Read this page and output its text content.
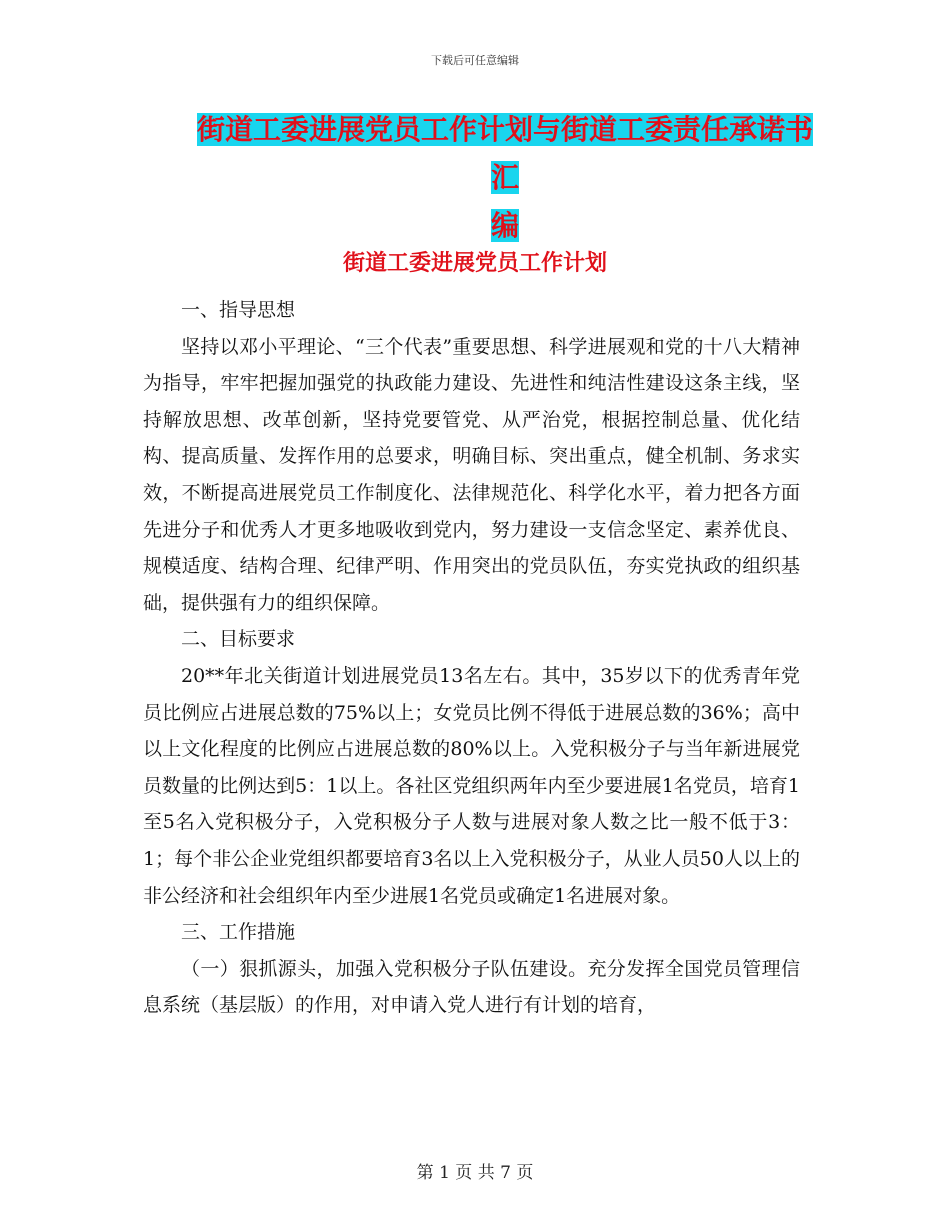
下载后可任意编辑
街道工委进展党员工作计划与街道工委责任承诺书汇
编
街道工委进展党员工作计划

一、指导思想

坚持以邓小平理论、“三个代表”重要思想、科学进展观和党的十八大精神为指导，牢牢把握加强党的执政能力建设、先进性和纯洁性建设这条主线，坚持解放思想、改革创新，坚持党要管党、从严治党，根据控制总量、优化结构、提高质量、发挥作用的总要求，明确目标、突出重点，健全机制、务求实效，不断提高进展党员工作制度化、法律规范化、科学化水平，着力把各方面先进分子和优秀人才更多地吸收到党内，努力建设一支信念坚定、素养优良、规模适度、结构合理、纪律严明、作用突出的党员队伍，夯实党执政的组织基础，提供强有力的组织保障。

二、目标要求

20**年北关街道计划进展党员13名左右。其中，35岁以下的优秀青年党员比例应占进展总数的75%以上；女党员比例不得低于进展总数的36%；高中以上文化程度的比例应占进展总数的80%以上。入党积极分子与当年新进展党员数量的比例达到5：1以上。各社区党组织两年内至少要进展1名党员，培育1至5名入党积极分子，入党积极分子人数与进展对象人数之比一般不低于3：1；每个非公企业党组织都要培育3名以上入党积极分子，从业人员50人以上的非公经济和社会组织年内至少进展1名党员或确定1名进展对象。

三、工作措施

（一）狠抓源头，加强入党积极分子队伍建设。充分发挥全国党员管理信息系统（基层版）的作用，对申请入党人进行有计划的培育，

第 1 页 共 7 页
